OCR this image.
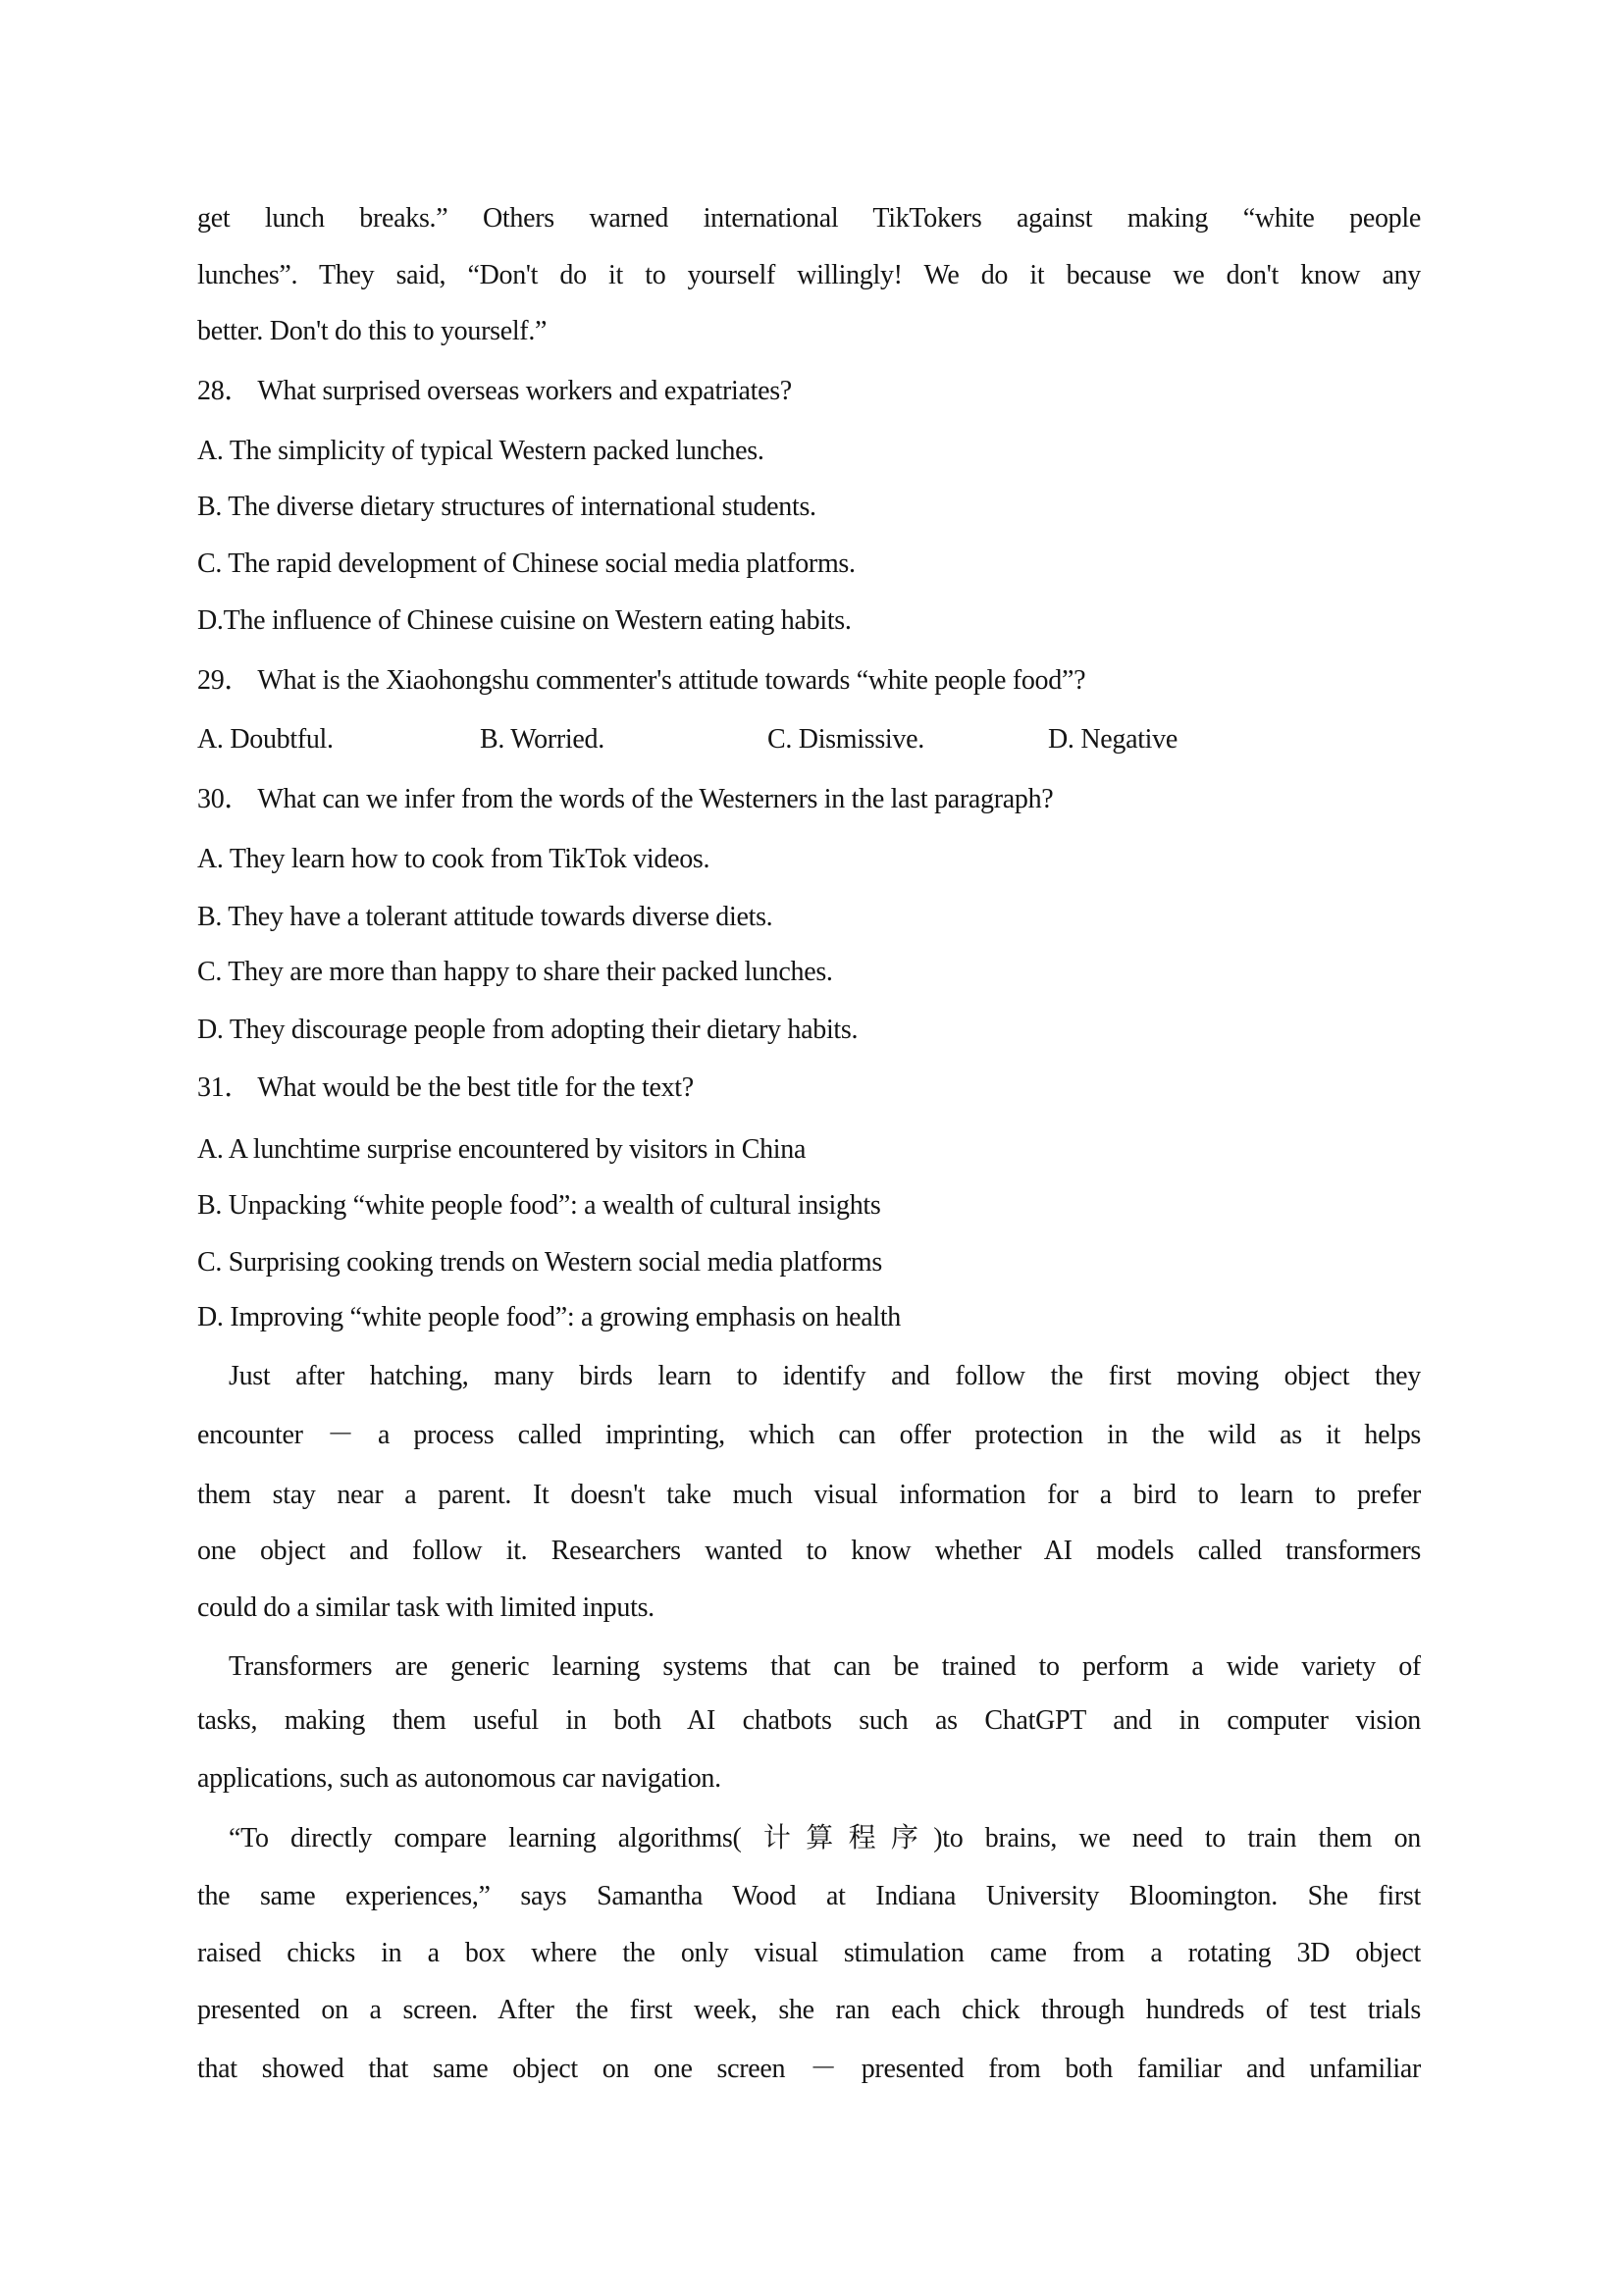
get lunch breaks.” Others warned international TikTokers against making “white people
lunches”. They said, “Don't do it to yourself willingly! We do it because we don't know any
better. Don't do this to yourself.”
28． What surprised overseas workers and expatriates?
A. The simplicity of typical Western packed lunches.
B. The diverse dietary structures of international students.
C. The rapid development of Chinese social media platforms.
D.The influence of Chinese cuisine on Western eating habits.
29． What is the Xiaohongshu commenter's attitude towards “white people food”?
A. Doubtful.	B. Worried.	C. Dismissive.	D. Negative
30． What can we infer from the words of the Westerners in the last paragraph?
A. They learn how to cook from TikTok videos.
B. They have a tolerant attitude towards diverse diets.
C. They are more than happy to share their packed lunches.
D. They discourage people from adopting their dietary habits.
31． What would be the best title for the text?
A. A lunchtime surprise encountered by visitors in China
B. Unpacking “white people food”: a wealth of cultural insights
C. Surprising cooking trends on Western social media platforms
D. Improving “white people food”: a growing emphasis on health
Just after hatching, many birds learn to identify and follow the first moving object they
encounter － a process called imprinting, which can offer protection in the wild as it helps
them stay near a parent. It doesn't take much visual information for a bird to learn to prefer
one object and follow it. Researchers wanted to know whether AI models called transformers
could do a similar task with limited inputs.
Transformers are generic learning systems that can be trained to perform a wide variety of
tasks, making them useful in both AI chatbots such as ChatGPT and in computer vision
applications, such as autonomous car navigation.
“To directly compare learning algorithms( 计算程序)to brains, we need to train them on
the same experiences,” says Samantha Wood at Indiana University Bloomington. She first
raised chicks in a box where the only visual stimulation came from a rotating 3D object
presented on a screen. After the first week, she ran each chick through hundreds of test trials
that showed that same object on one screen － presented from both familiar and unfamiliar
